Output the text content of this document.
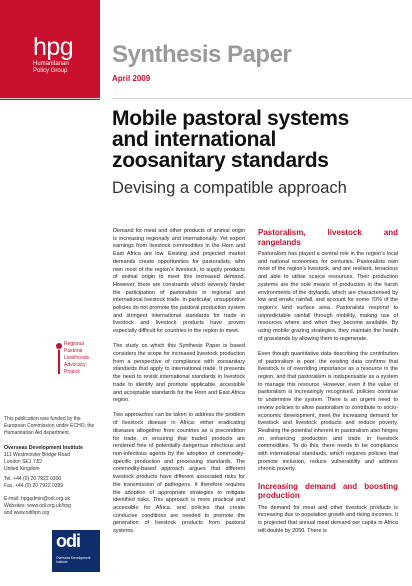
hpg
Humanitarian
Policy Group
Synthesis Paper
April 2009
Mobile pastoral systems
and international
zoosanitary standards
Devising a compatible approach

Demand for meat and other products of animal origin is increasing regionally and internationally. Yet export earnings from livestock commodities in the Horn and East Africa are low. Existing and projected market demands create opportunities for pastoralists, who own most of the region’s livestock, to supply products of animal origin to meet this increased demand. However, there are constraints which severely hinder the participation of pastoralists in regional and international livestock trade. In particular, unsupportive policies do not promote the pastoral production system and stringent international standards for trade in livestock and livestock products have proven especially difficult for countries in the region to meet.

The study on which this Synthesis Paper is based considers the scope for increased livestock production from a perspective of compliance with zoosanitary standards that apply to international trade. It presents the need to revisit international standards in livestock trade to identify and promote applicable, accessible and acceptable standards for the Horn and East Africa region.

Two approaches can be taken to address the problem of livestock disease in Africa: either eradicating diseases altogether from countries as a precondition for trade, or ensuring that traded products are rendered free of potentially dangerous infectious and non-infectious agents by the adoption of commodity-specific production and processing standards. The commodity-based approach argues that different livestock products have different associated risks for the transmission of pathogens. It therefore requires the adoption of appropriate strategies to mitigate identified risks. This approach is more practical and accessible for Africa, and policies that create conducive conditions are needed to promote the generation of livestock products from pastoral systems.

Pastoralism, livestock and rangelands

Pastoralism has played a central role in the region’s local and national economies for centuries. Pastoralists own most of the region’s livestock, and are resilient, tenacious and able to utilise scarce resources. Their production systems are the sole means of production in the harsh environments of the drylands, which are characterised by low and erratic rainfall, and account for some 70% of the region’s land surface area. Pastoralists respond to unpredictable rainfall through mobility, making use of resources where and when they become available. By using mobile grazing strategies, they maintain the health of grasslands by allowing them to regenerate.

Even though quantitative data describing the contribution of pastoralism is poor, the existing data confirms that livestock is of overriding importance as a resource in the region, and that pastoralism is indispensable as a system to manage this resource. However, even if the value of pastoralism is increasingly recognised, policies continue to undermine the system. There is an urgent need to review policies to allow pastoralism to contribute to socio-economic development, meet the increasing demand for livestock and livestock products and reduce poverty. Realising the potential inherent in pastoralism also hinges on enhancing production and trade in livestock commodities. To do this, there needs to be compliance with international standards, which requires policies that promote inclusion, reduce vulnerability and address chronic poverty.

Increasing demand and boosting production

The demand for meat and other livestock products is increasing due to population growth and rising incomes. It is projected that annual meat demand per capita in Africa will double by 2050. There is

Regional
Pastoral
Livelihoods
Advocacy
Project
This publication was funded by the European Commission under ECHO, the Humanitarian Aid department.
Overseas Development Institute
111 Westminster Bridge Road
London SE1 7JD
United Kingdom
Tel. +44 (0) 20 7922 0300
Fax. +44 (0) 20 7922 0399
E-mail: hpgadmin@odi.org.uk
Websites: www.odi.org.uk/hpg
and www.odihpn.org
odi
Overseas Development Institute
